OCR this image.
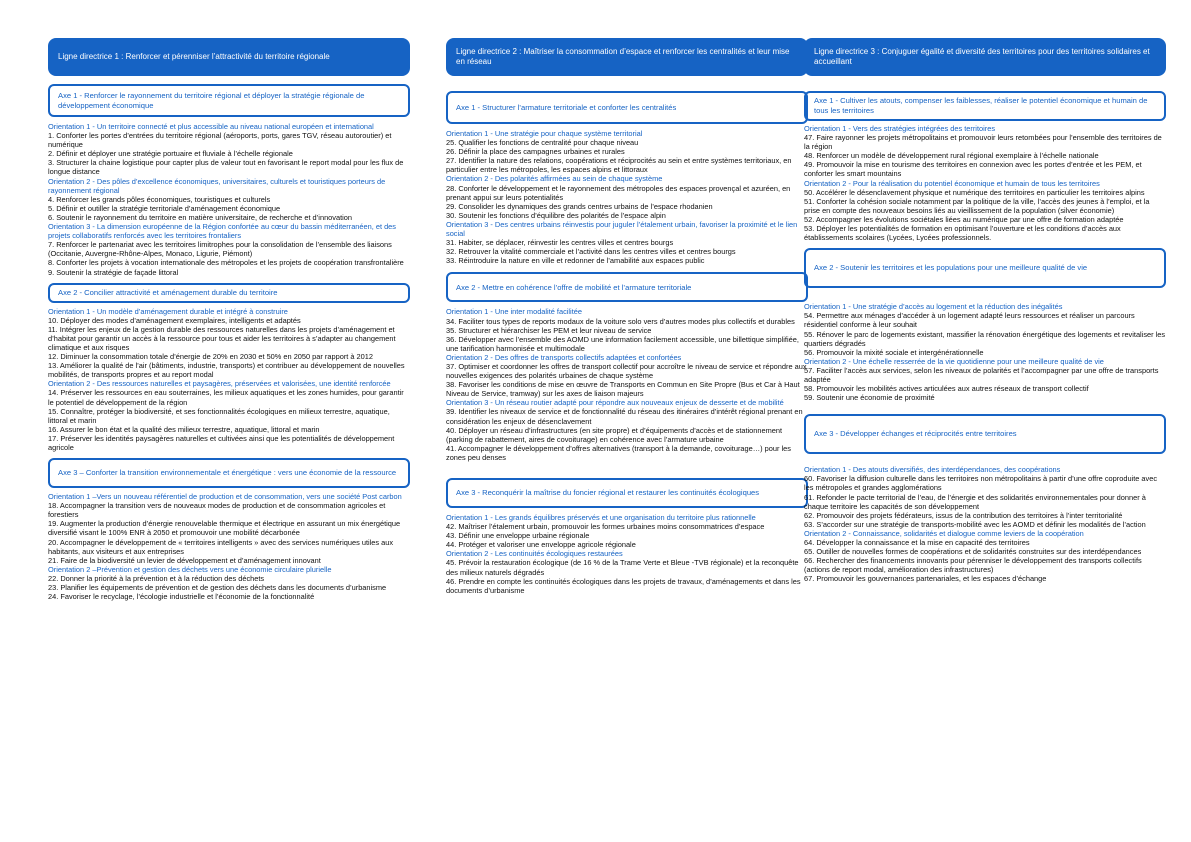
Ligne directrice 1 : Renforcer et pérenniser l’attractivité du territoire régionale
Axe 1 - Renforcer le rayonnement du territoire régional et déployer la stratégie régionale de développement économique
Orientation 1 - Un territoire connecté et plus accessible au niveau national européen et international
1. Conforter les portes d’entrées du territoire régional (aéroports, ports, gares TGV, réseau autoroutier) et numérique
2. Définir et déployer une stratégie portuaire et fluviale à l’échelle régionale
3. Structurer la chaine logistique pour capter plus de valeur tout en favorisant le report modal pour les flux de longue distance
Orientation 2 - Des pôles d’excellence économiques, universitaires, culturels et touristiques porteurs de rayonnement régional
4. Renforcer les grands pôles économiques, touristiques et culturels
5. Définir et outiller la stratégie territoriale d’aménagement économique
6. Soutenir le rayonnement du territoire en matière universitaire, de recherche et d’innovation
Orientation 3 - La dimension européenne de la Région confortée au cœur du bassin méditerranéen, et des projets collaboratifs renforcés avec les territoires frontaliers
7. Renforcer le partenariat avec les territoires limitrophes pour la consolidation de l’ensemble des liaisons (Occitanie, Auvergne-Rhône-Alpes, Monaco, Ligurie, Piémont)
8. Conforter les projets à vocation internationale des métropoles et les projets de coopération transfrontalière
9. Soutenir la stratégie de façade littoral
Axe 2 - Concilier attractivité et aménagement durable du territoire
Orientation 1 - Un modèle d’aménagement durable et intégré à construire
10. Déployer des modes d’aménagement exemplaires, intelligents et adaptés
11. Intégrer les enjeux de la gestion durable des ressources naturelles dans les projets d’aménagement et d’habitat pour garantir un accès à la ressource pour tous et aider les territoires à s’adapter au changement climatique et aux risques
12. Diminuer la consommation totale d’énergie de 20% en 2030 et 50% en 2050 par rapport à 2012
13. Améliorer la qualité de l’air (bâtiments, industrie, transports) et contribuer au développement de nouvelles mobilités, de transports propres et au report modal
Orientation 2 - Des ressources naturelles et paysagères, préservées et valorisées, une identité renforcée
14. Préserver les ressources en eau souterraines, les milieux aquatiques et les zones humides, pour garantir le potentiel de développement de la région
15. Connaître, protéger la biodiversité, et ses fonctionnalités écologiques en milieux terrestre, aquatique, littoral et marin
16. Assurer le bon état et la qualité des milieux terrestre, aquatique, littoral et marin
17. Préserver les identités paysagères naturelles et cultivées ainsi que les potentialités de développement agricole
Axe 3 – Conforter la transition environnementale et énergétique : vers une économie de la ressource
Orientation 1 –Vers un nouveau référentiel de production et de consommation, vers une société Post carbon
18. Accompagner la transition vers de nouveaux modes de production et de consommation agricoles et forestiers
19. Augmenter la production d’énergie renouvelable thermique et électrique en assurant un mix énergétique diversifié visant le 100% ENR à 2050 et promouvoir une mobilité décarbonée
20. Accompagner le développement de « territoires intelligents » avec des services numériques utiles aux habitants, aux visiteurs et aux entreprises
21. Faire de la biodiversité un levier de développement et d’aménagement innovant
Orientation 2 –Prévention et gestion des déchets vers une économie circulaire plurielle
22. Donner la priorité à la prévention et à la réduction des déchets
23. Planifier les équipements de prévention et de gestion des déchets dans les documents d’urbanisme
24. Favoriser le recyclage, l’écologie industrielle et l’économie de la fonctionnalité
Ligne directrice 2 : Maîtriser la consommation d’espace et renforcer les centralités et leur mise en réseau
Axe 1 - Structurer l’armature territoriale et conforter les centralités
Orientation 1 - Une stratégie pour chaque système territorial
25. Qualifier les fonctions de centralité pour chaque niveau
26. Définir la place des campagnes urbaines et rurales
27. Identifier la nature des relations, coopérations et réciprocités au sein et entre systèmes territoriaux, en particulier entre les métropoles, les espaces alpins et littoraux
Orientation 2 - Des polarités affirmées au sein de chaque système
28. Conforter le développement et le rayonnement des métropoles des espaces provençal et azuréen, en prenant appui sur leurs potentialités
29. Consolider les dynamiques des grands centres urbains de l’espace rhodanien
30. Soutenir les fonctions d’équilibre des polarités de l’espace alpin
Orientation 3 - Des centres urbains réinvestis pour juguler l’étalement urbain, favoriser la proximité et le lien social
31. Habiter, se déplacer, réinvestir les centres villes et centres bourgs
32. Retrouver la vitalité commerciale et l’activité dans les centres villes et centres bourgs
33. Réintroduire la nature en ville et redonner de l’amabilité aux espaces public
Axe 2 - Mettre en cohérence l’offre de mobilité et l’armature territoriale
Orientation 1 - Une inter modalité facilitée
34. Faciliter tous types de reports modaux de la voiture solo vers d’autres modes plus collectifs et durables
35. Structurer et hiérarchiser les PEM et leur niveau de service
36. Développer avec l’ensemble des AOMD une information facilement accessible, une billettique simplifiée, une tarification harmonisée et multimodale
Orientation 2 - Des offres de transports collectifs adaptées et confortées
37. Optimiser et coordonner les offres de transport collectif pour accroître le niveau de service et répondre aux nouvelles exigences des polarités urbaines de chaque système
38. Favoriser les conditions de mise en œuvre de Transports en Commun en Site Propre (Bus et Car à Haut Niveau de Service, tramway) sur les axes de liaison majeurs
Orientation 3 - Un réseau routier adapté pour répondre aux nouveaux enjeux de desserte et de mobilité
39. Identifier les niveaux de service et de fonctionnalité du réseau des itinéraires d’intérêt régional prenant en considération les enjeux de désenclavement
40. Déployer un réseau d’infrastructures (en site propre) et d’équipements d’accès et de stationnement (parking de rabattement, aires de covoiturage) en cohérence avec l’armature urbaine
41. Accompagner le développement d’offres alternatives (transport à la demande, covoiturage…) pour les zones peu denses
Axe 3 - Reconquérir la maîtrise du foncier régional et restaurer les continuités écologiques
Orientation 1 - Les grands équilibres préservés et une organisation du territoire plus rationnelle
42. Maîtriser l’étalement urbain, promouvoir les formes urbaines moins consommatrices d’espace
43. Définir une enveloppe urbaine régionale
44. Protéger et valoriser une enveloppe agricole régionale
Orientation 2 - Les continuités écologiques restaurées
45. Prévoir la restauration écologique (de 16 % de la Trame Verte et Bleue -TVB régionale) et la reconquête des milieux naturels dégradés
46. Prendre en compte les continuités écologiques dans les projets de travaux, d’aménagements et dans les documents d’urbanisme
Ligne directrice 3 : Conjuguer égalité et diversité des territoires pour des territoires solidaires et accueillant
Axe 1 - Cultiver les atouts, compenser les faiblesses, réaliser le potentiel économique et humain de tous les territoires
Orientation 1 - Vers des stratégies intégrées des territoires
47. Faire rayonner les projets métropolitains et promouvoir leurs retombées pour l’ensemble des territoires de la région
48. Renforcer un modèle de développement rural régional exemplaire à l’échelle nationale
49. Promouvoir la mise en tourisme des territoires en connexion avec les portes d’entrée et les PEM, et conforter les smart mountains
Orientation 2 - Pour la réalisation du potentiel économique et humain de tous les territoires
50. Accélérer le désenclavement physique et numérique des territoires en particulier les territoires alpins
51. Conforter la cohésion sociale notamment par la politique de la ville, l’accès des jeunes à l’emploi, et la prise en compte des nouveaux besoins liés au vieillissement de la population (silver économie)
52. Accompagner les évolutions sociétales liées au numérique par une offre de formation adaptée
53. Déployer les potentialités de formation en optimisant l’ouverture et les conditions d’accès aux établissements scolaires (Lycées, Lycées professionnels.
Axe 2 - Soutenir les territoires et les populations pour une meilleure qualité de vie
Orientation 1 - Une stratégie d’accès au logement et la réduction des inégalités
54. Permettre aux ménages d’accéder à un logement adapté leurs ressources et réaliser un parcours résidentiel conforme à leur souhait
55. Rénover le parc de logements existant, massifier la rénovation énergétique des logements et revitaliser les quartiers dégradés
56. Promouvoir la mixité sociale et intergénérationnelle
Orientation 2 - Une échelle resserrée de la vie quotidienne pour une meilleure qualité de vie
57. Faciliter l’accès aux services, selon les niveaux de polarités et l’accompagner par une offre de transports adaptée
58. Promouvoir les mobilités actives articulées aux autres réseaux de transport collectif
59. Soutenir une économie de proximité
Axe 3 - Développer échanges et réciprocités entre territoires
Orientation 1 - Des atouts diversifiés, des interdépendances, des coopérations
60. Favoriser la diffusion culturelle dans les territoires non métropolitains à partir d’une offre coproduite avec les métropoles et grandes agglomérations
61. Refonder le pacte territorial de l’eau, de l’énergie et des solidarités environnementales pour donner à chaque territoire les capacités de son développement
62. Promouvoir des projets fédérateurs, issus de la contribution des territoires à l’inter territorialité
63. S’accorder sur une stratégie de transports-mobilité avec les AOMD et définir les modalités de l’action
Orientation 2 - Connaissance, solidarités et dialogue comme leviers de la coopération
64. Développer la connaissance et la mise en capacité des territoires
65. Outiller de nouvelles formes de coopérations et de solidarités construites sur des interdépendances
66. Rechercher des financements innovants pour pérenniser le développement des transports collectifs (actions de report modal, amélioration des infrastructures)
67. Promouvoir les gouvernances partenariales, et les espaces d’échange
